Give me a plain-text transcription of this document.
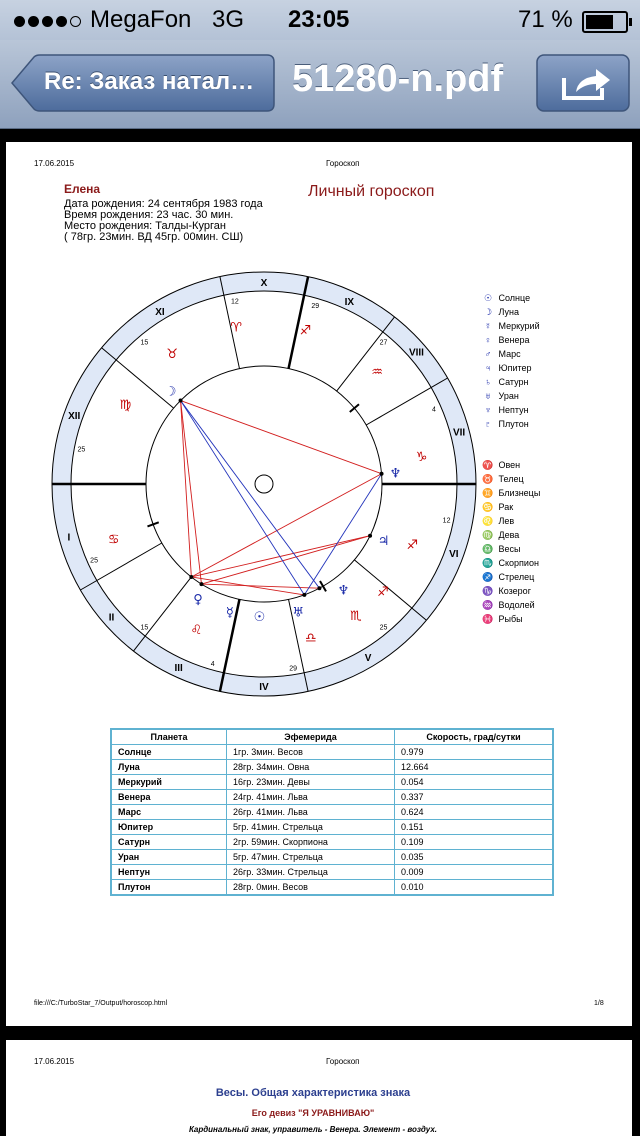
MegaFon 3G 23:05	71 %
Re: Заказ натал… 51280-n.pdf
17.06.2015	Гороскоп
Елена
Дата рождения: 24 сентября 1983 года
Время рождения: 23 час. 30 мин.
Место рождения: Талды-Курган
( 78гр. 23мин. ВД 45гр. 00мин. СШ)
Личный гороскоп
I
25
II
15
III	4
IV
29
V
25
VI
12
VII
4
VIII
27
IX
29
X
12
XI
15
XII
25
♈
♉
♍
♋
♌
♎
♏
♐
♐
♑
♒
♐
☽
♀
☿ ☉ ♅
♆
♃
♆
☉ Солнце
☽ Луна
☿ Меркурий
♀ Венера
♂ Марс
♃ Юпитер
♄ Сатурн
♅ Уран
♆ Нептун
♇ Плутон
♈ Овен
♉ Телец
♊ Близнецы
♋ Рак
♌ Лев
♍ Дева
♎ Весы
♏ Скорпион
♐ Стрелец
♑ Козерог
♒ Водолей
♓ Рыбы
Планета	Эфемерида	Скорость, град/сутки
Солнце	1гр. 3мин. Весов	0.979
Луна	28гр. 34мин. Овна	12.664
Меркурий	16гр. 23мин. Девы	0.054
Венера	24гр. 41мин. Льва	0.337
Марс	26гр. 41мин. Льва	0.624
Юпитер	5гр. 41мин. Стрельца	0.151
Сатурн	2гр. 59мин. Скорпиона	0.109
Уран	5гр. 47мин. Стрельца	0.035
Нептун	26гр. 33мин. Стрельца	0.009
Плутон	28гр. 0мин. Весов	0.010
file:///C:/TurboStar_7/Output/horoscop.html	1/8
17.06.2015	Гороскоп
Весы. Общая характеристика знака
Его девиз "Я УРАВНИВАЮ"
Кардинальный знак, управитель - Венера. Элемент - воздух.
